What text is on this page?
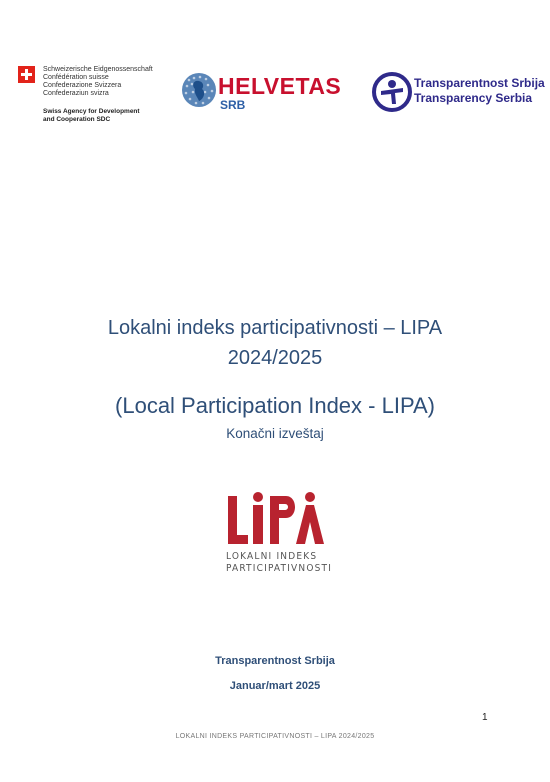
Schweizerische Eidgenossenschaft
Confédération suisse
Confederazione Svizzera
Confederaziun svizra
Swiss Agency for Development
and Cooperation SDC
HELVETAS
SRB
Transparentnost Srbija
Transparency Serbia
Lokalni indeks participativnosti – LIPA
2024/2025
(Local Participation Index - LIPA)
Konačni izveštaj
LOKALNI INDEKS
PARTICIPATIVNOSTI
Transparentnost Srbija
Januar/mart 2025
1
LOKALNI INDEKS PARTICIPATIVNOSTI – LIPA 2024/2025
